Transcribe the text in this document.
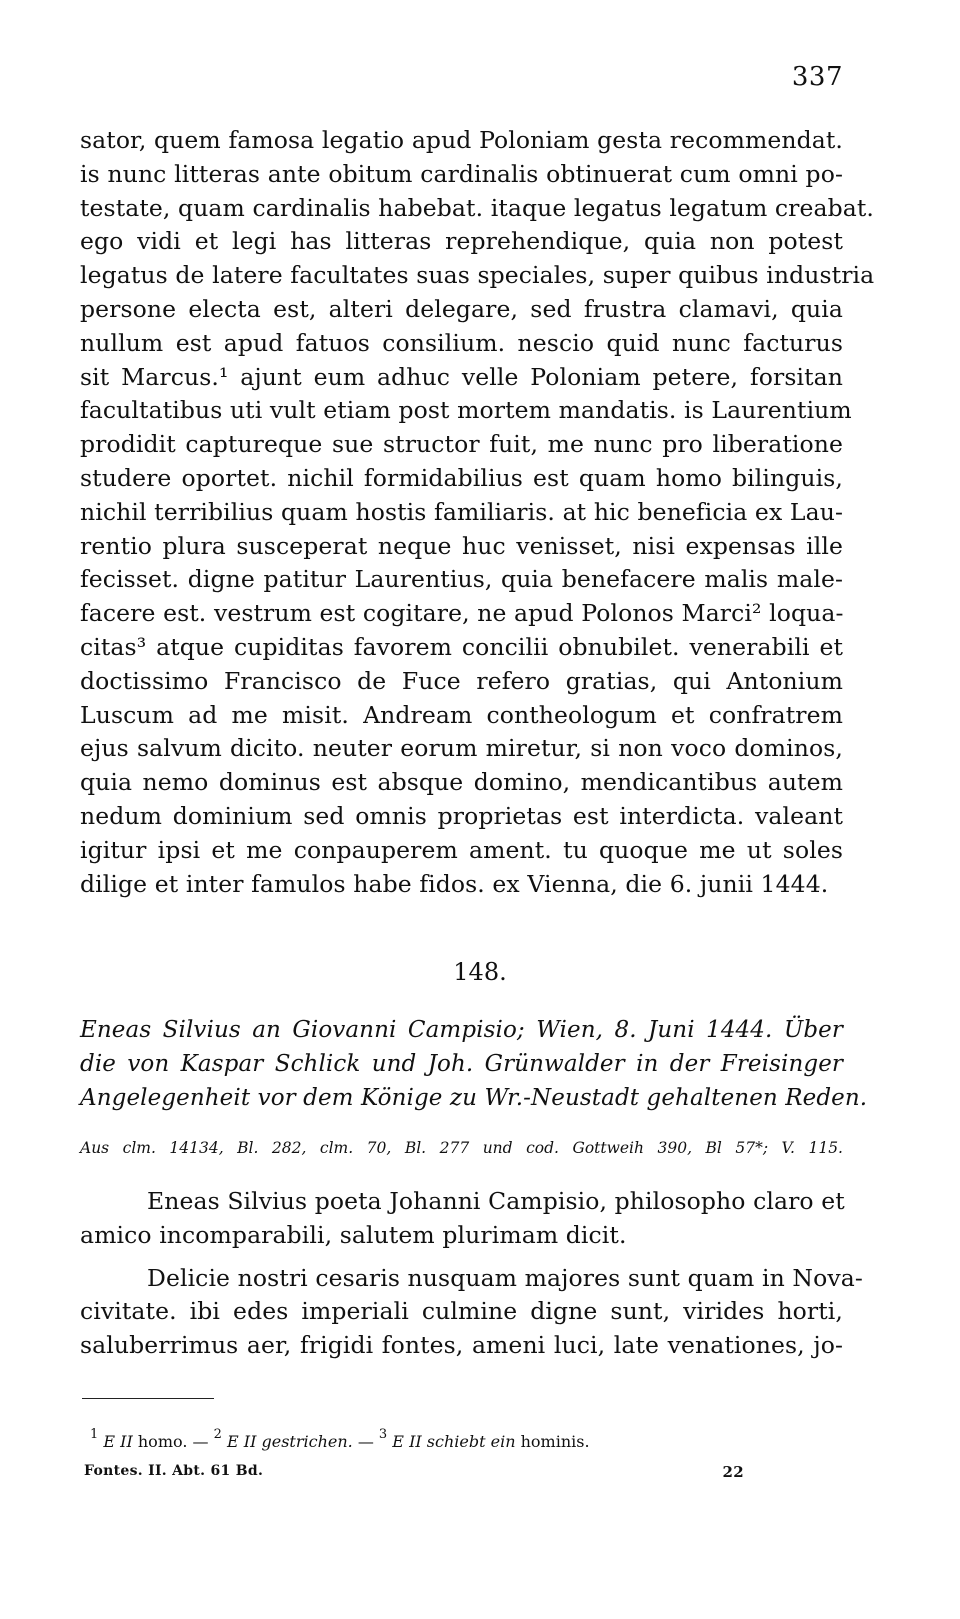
337
sator, quem famosa legatio apud Poloniam gesta recommendat.
is nunc litteras ante obitum cardinalis obtinuerat cum omni po-
testate, quam cardinalis habebat. itaque legatus legatum creabat.
ego vidi et legi has litteras reprehendique, quia non potest
legatus de latere facultates suas speciales, super quibus industria
persone electa est, alteri delegare, sed frustra clamavi, quia
nullum est apud fatuos consilium. nescio quid nunc facturus
sit Marcus.¹ ajunt eum adhuc velle Poloniam petere, forsitan
facultatibus uti vult etiam post mortem mandatis. is Laurentium
prodidit captureque sue structor fuit, me nunc pro liberatione
studere oportet. nichil formidabilius est quam homo bilinguis,
nichil terribilius quam hostis familiaris. at hic beneficia ex Lau-
rentio plura susceperat neque huc venisset, nisi expensas ille
fecisset. digne patitur Laurentius, quia benefacere malis male-
facere est. vestrum est cogitare, ne apud Polonos Marci² loqua-
citas³ atque cupiditas favorem concilii obnubilet. venerabili et
doctissimo Francisco de Fuce refero gratias, qui Antonium
Luscum ad me misit. Andream contheologum et confratrem
ejus salvum dicito. neuter eorum miretur, si non voco dominos,
quia nemo dominus est absque domino, mendicantibus autem
nedum dominium sed omnis proprietas est interdicta. valeant
igitur ipsi et me conpauperem ament. tu quoque me ut soles
dilige et inter famulos habe fidos. ex Vienna, die 6. junii 1444.
148.
Eneas Silvius an Giovanni Campisio; Wien, 8. Juni 1444. Über
die von Kaspar Schlick und Joh. Grünwalder in der Freisinger
Angelegenheit vor dem Könige zu Wr.-Neustadt gehaltenen Reden.
Aus clm. 14134, Bl. 282, clm. 70, Bl. 277 und cod. Gottweih 390, Bl 57*; V. 115.
Eneas Silvius poeta Johanni Campisio, philosopho claro et
amico incomparabili, salutem plurimam dicit.
Delicie nostri cesaris nusquam majores sunt quam in Nova-
civitate. ibi edes imperiali culmine digne sunt, virides horti,
saluberrimus aer, frigidi fontes, ameni luci, late venationes, jo-
$^1$ E II homo. — $^2$ E II gestrichen. — $^3$ E II schiebt ein hominis.
Fontes. II. Abt. 61 Bd.	22
